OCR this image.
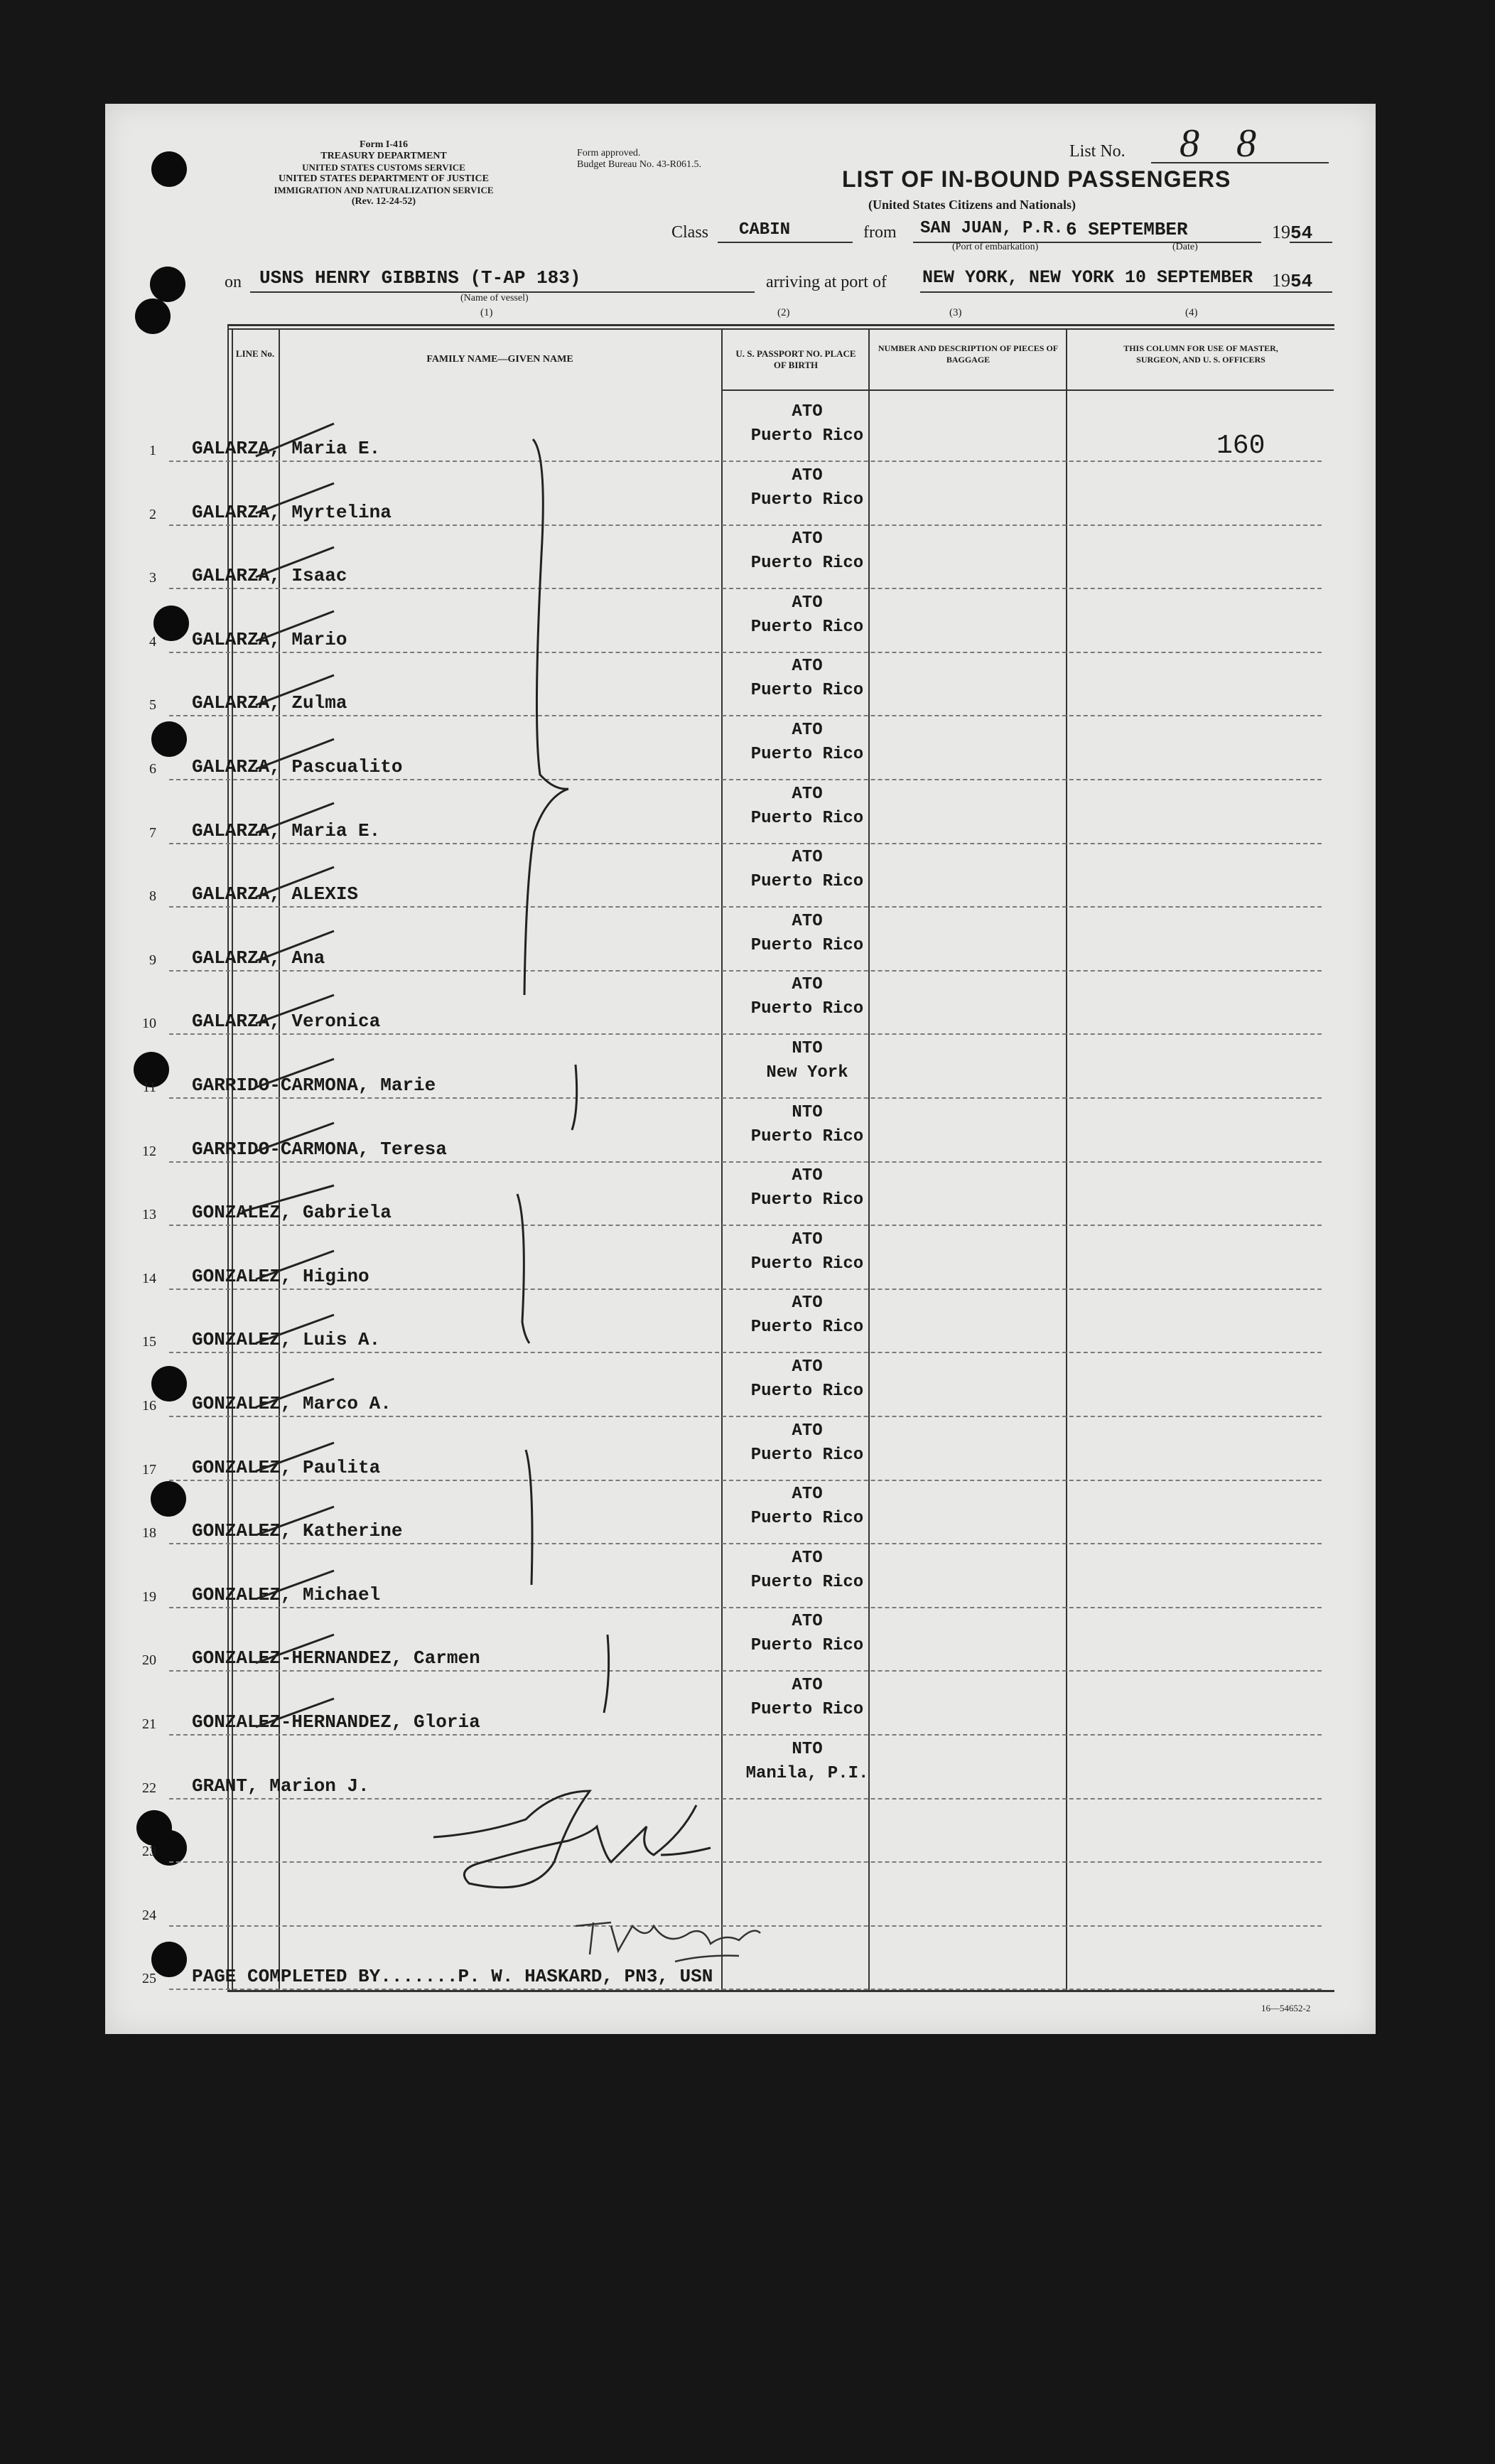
Form I-416
TREASURY DEPARTMENT
UNITED STATES CUSTOMS SERVICE
UNITED STATES DEPARTMENT OF JUSTICE
IMMIGRATION AND NATURALIZATION SERVICE
(Rev. 12-24-52)
Form approved.
Budget Bureau No. 43-R061.5.
List No. 8 8
LIST OF IN-BOUND PASSENGERS
(United States Citizens and Nationals)
Class CABIN	from SAN JUAN, P.R. 6 SEPTEMBER
(Port of embarkation)	(Date)
1954
on USNS HENRY GIBBINS (T-AP 183)
(Name of vessel)
arriving at port of NEW YORK, NEW YORK 10 SEPTEMBER 1954
(1)	(2)	(3)	(4)
LINE No.
FAMILY NAME—GIVEN NAME
U. S. PASSPORT NO. PLACE OF BIRTH
NUMBER AND DESCRIPTION OF PIECES OF BAGGAGE
THIS COLUMN FOR USE OF MASTER, SURGEON, AND U. S. OFFICERS
160
1 GALARZA, Maria E.
ATO
Puerto Rico
2 GALARZA, Myrtelina
ATO
Puerto Rico
3 GALARZA, Isaac
ATO
Puerto Rico
4 GALARZA, Mario
ATO
Puerto Rico
5 GALARZA, Zulma
ATO
Puerto Rico
6 GALARZA, Pascualito
ATO
Puerto Rico
7 GALARZA, Maria E.
ATO
Puerto Rico
8 GALARZA, ALEXIS
ATO
Puerto Rico
9 GALARZA, Ana
ATO
Puerto Rico
10 GALARZA, Veronica
ATO
Puerto Rico
11 GARRIDO-CARMONA, Marie
NTO
New York
12 GARRIDO-CARMONA, Teresa
NTO
Puerto Rico
13 GONZALEZ, Gabriela
ATO
Puerto Rico
14 GONZALEZ, Higino
ATO
Puerto Rico
15 GONZALEZ, Luis A.
ATO
Puerto Rico
16 GONZALEZ, Marco A.
ATO
Puerto Rico
17 GONZALEZ, Paulita
ATO
Puerto Rico
18 GONZALEZ, Katherine
ATO
Puerto Rico
19 GONZALEZ, Michael
ATO
Puerto Rico
20 GONZALEZ-HERNANDEZ, Carmen
ATO
Puerto Rico
21 GONZALEZ-HERNANDEZ, Gloria
ATO
Puerto Rico
22 GRANT, Marion J.
NTO
Manila, P.I.
23
24
25 PAGE COMPLETED BY.......P. W. HASKARD, PN3, USN
16—54652-2
